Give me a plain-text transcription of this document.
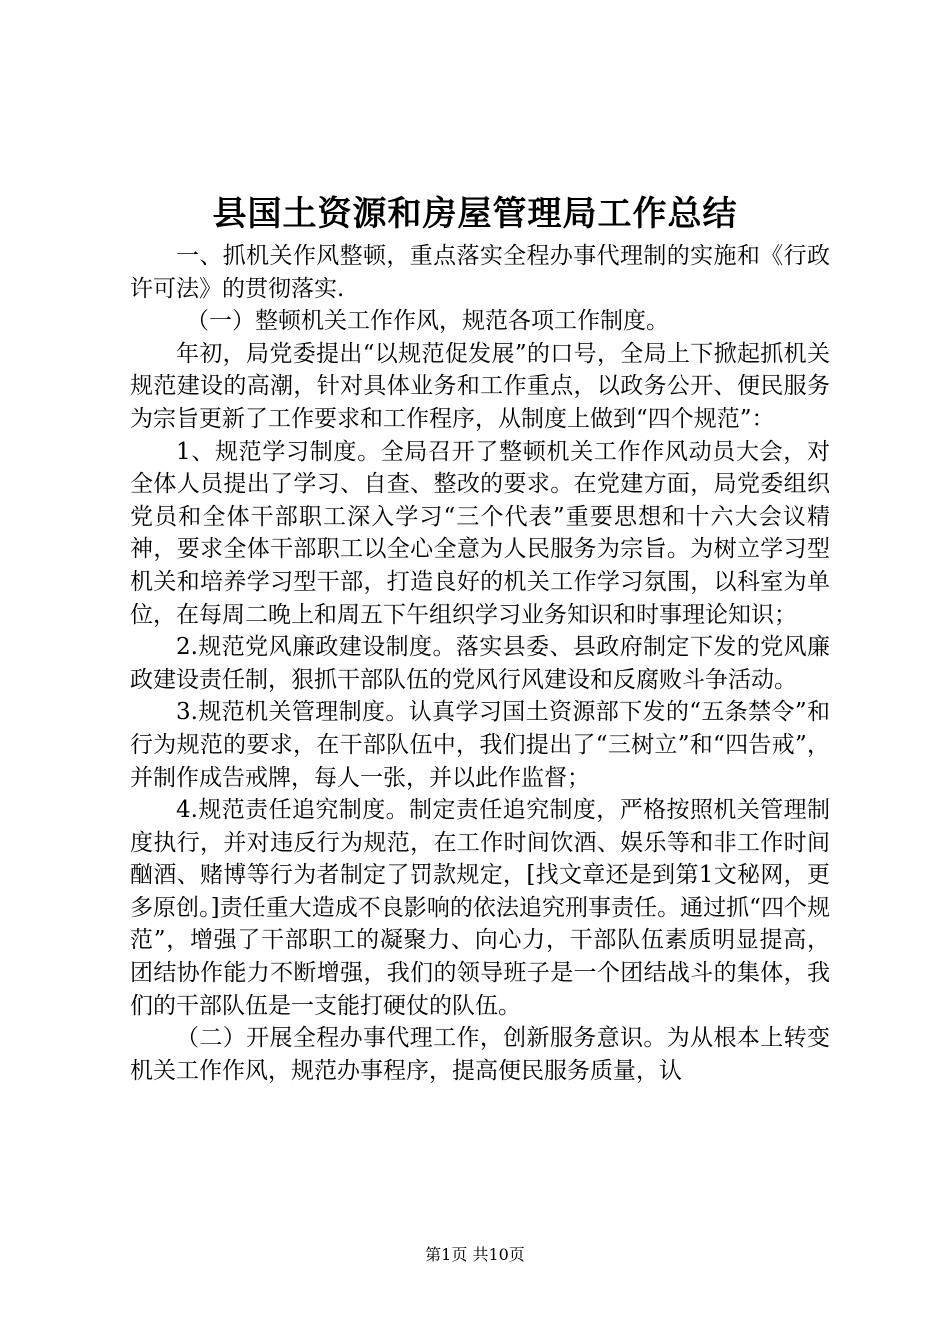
县国土资源和房屋管理局工作总结

一、抓机关作风整顿，重点落实全程办事代理制的实施和《行政许可法》的贯彻落实.

（一）整顿机关工作作风，规范各项工作制度。

年初，局党委提出“以规范促发展”的口号，全局上下掀起抓机关规范建设的高潮，针对具体业务和工作重点，以政务公开、便民服务为宗旨更新了工作要求和工作程序，从制度上做到“四个规范”：

1、规范学习制度。全局召开了整顿机关工作作风动员大会，对全体人员提出了学习、自查、整改的要求。在党建方面，局党委组织党员和全体干部职工深入学习“三个代表”重要思想和十六大会议精神，要求全体干部职工以全心全意为人民服务为宗旨。为树立学习型机关和培养学习型干部，打造良好的机关工作学习氛围，以科室为单位，在每周二晚上和周五下午组织学习业务知识和时事理论知识；

2.规范党风廉政建设制度。落实县委、县政府制定下发的党风廉政建设责任制，狠抓干部队伍的党风行风建设和反腐败斗争活动。

3.规范机关管理制度。认真学习国土资源部下发的“五条禁令”和行为规范的要求，在干部队伍中，我们提出了“三树立”和“四告戒”，并制作成告戒牌，每人一张，并以此作监督；

4.规范责任追究制度。制定责任追究制度，严格按照机关管理制度执行，并对违反行为规范，在工作时间饮酒、娱乐等和非工作时间酗酒、赌博等行为者制定了罚款规定，[找文章还是到第1文秘网，更多原创。]责任重大造成不良影响的依法追究刑事责任。通过抓“四个规范”，增强了干部职工的凝聚力、向心力，干部队伍素质明显提高，团结协作能力不断增强，我们的领导班子是一个团结战斗的集体，我们的干部队伍是一支能打硬仗的队伍。

（二）开展全程办事代理工作，创新服务意识。为从根本上转变机关工作作风，规范办事程序，提高便民服务质量，认

第1页 共10页
